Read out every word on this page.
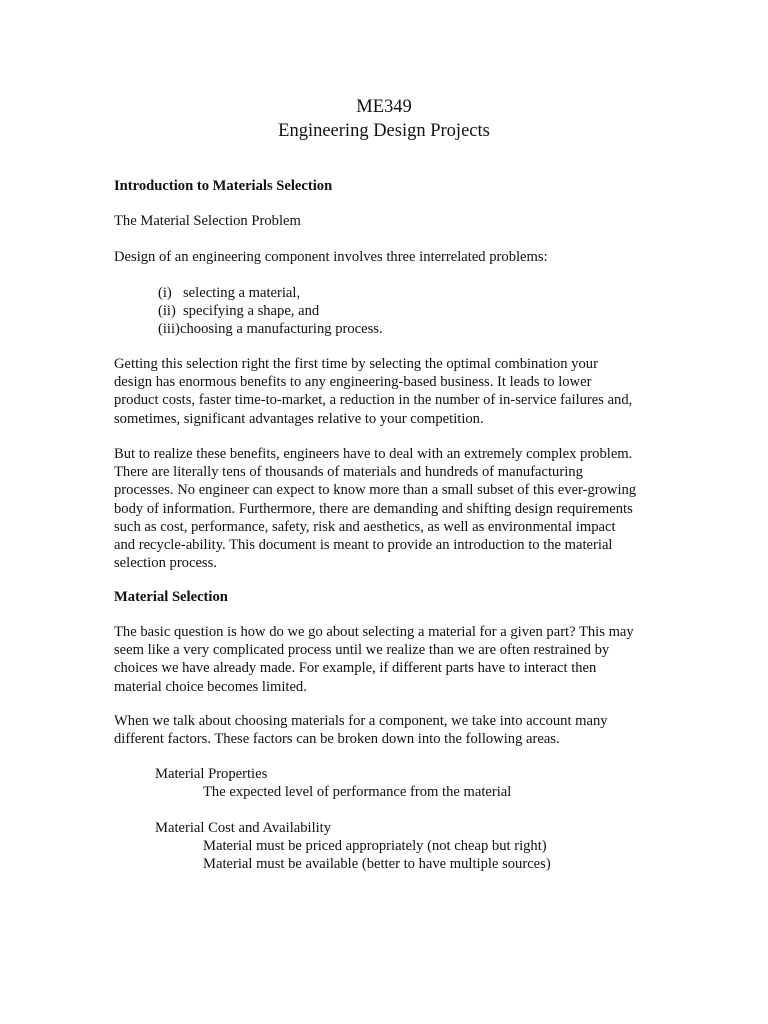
ME349
Engineering Design Projects
Introduction to Materials Selection
The Material Selection Problem
Design of an engineering component involves three interrelated problems:
(i) selecting a material,
(ii) specifying a shape, and
(iii)choosing a manufacturing process.

Getting this selection right the first time by selecting the optimal combination your
design has enormous benefits to any engineering-based business. It leads to lower
product costs, faster time-to-market, a reduction in the number of in-service failures and,
sometimes, significant advantages relative to your competition.

But to realize these benefits, engineers have to deal with an extremely complex problem.
There are literally tens of thousands of materials and hundreds of manufacturing
processes. No engineer can expect to know more than a small subset of this ever-growing
body of information. Furthermore, there are demanding and shifting design requirements
such as cost, performance, safety, risk and aesthetics, as well as environmental impact
and recycle-ability. This document is meant to provide an introduction to the material
selection process.

Material Selection

The basic question is how do we go about selecting a material for a given part? This may
seem like a very complicated process until we realize than we are often restrained by
choices we have already made. For example, if different parts have to interact then
material choice becomes limited.

When we talk about choosing materials for a component, we take into account many
different factors. These factors can be broken down into the following areas.

Material Properties
The expected level of performance from the material
Material Cost and Availability
Material must be priced appropriately (not cheap but right)
Material must be available (better to have multiple sources)
